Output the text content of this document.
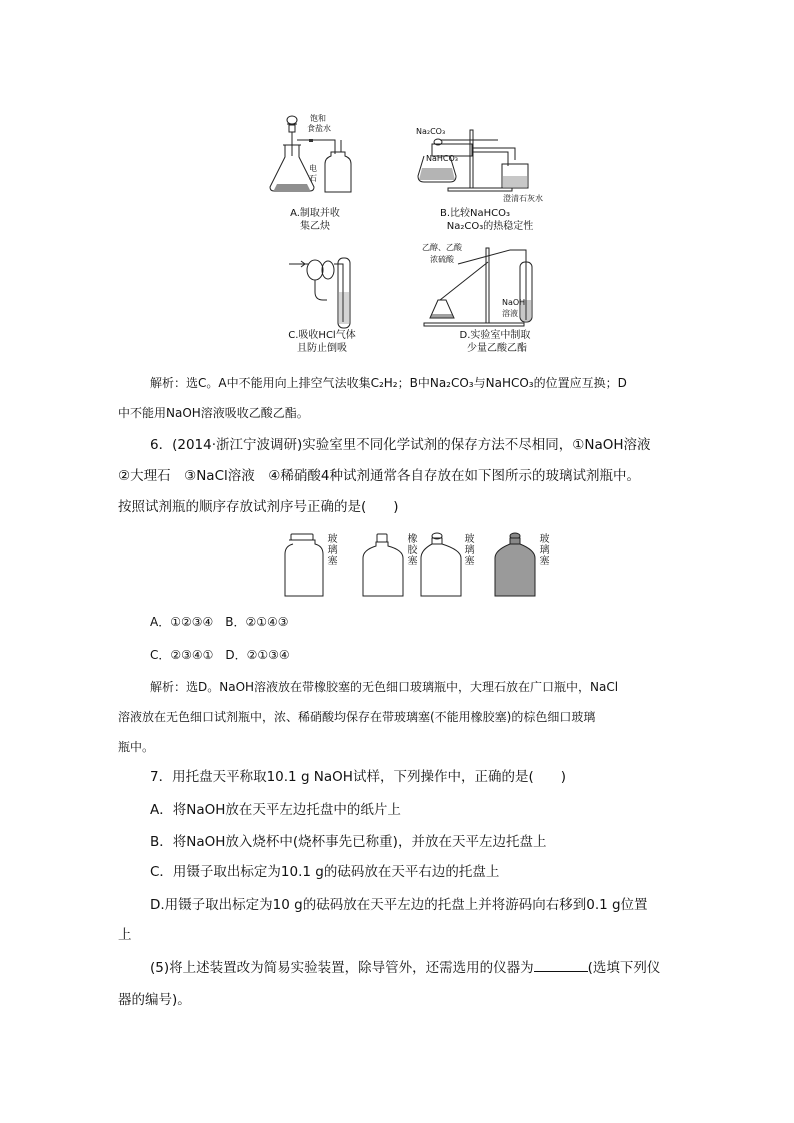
饱和
食盐水
电
石
A.制取并收
集乙炔
Na₂CO₃
NaHCO₃
澄清石灰水
B.比较NaHCO₃
Na₂CO₃的热稳定性
C.吸收HCl气体
且防止倒吸
乙醇、乙酸
浓硫酸
NaOH
溶液
D.实验室中制取
少量乙酸乙酯
解析：选C。A中不能用向上排空气法收集C₂H₂；B中Na₂CO₃与NaHCO₃的位置应互换；D
中不能用NaOH溶液吸收乙酸乙酯。
6．(2014·浙江宁波调研)实验室里不同化学试剂的保存方法不尽相同，①NaOH溶液
②大理石　③NaCl溶液　④稀硝酸4种试剂通常各自存放在如下图所示的玻璃试剂瓶中。
按照试剂瓶的顺序存放试剂序号正确的是(　　)
玻璃塞
橡胶塞
玻璃塞
玻璃塞
A．①②③④　B．②①④③
C．②③④①　D．②①③④
解析：选D。NaOH溶液放在带橡胶塞的无色细口玻璃瓶中，大理石放在广口瓶中，NaCl
溶液放在无色细口试剂瓶中，浓、稀硝酸均保存在带玻璃塞(不能用橡胶塞)的棕色细口玻璃
瓶中。
7．用托盘天平称取10.1 g NaOH试样，下列操作中，正确的是(　　)
A．将NaOH放在天平左边托盘中的纸片上
B．将NaOH放入烧杯中(烧杯事先已称重)，并放在天平左边托盘上
C．用镊子取出标定为10.1 g的砝码放在天平右边的托盘上
D.用镊子取出标定为10 g的砝码放在天平左边的托盘上并将游码向右移到0.1 g位置
上
(5)将上述装置改为简易实验装置，除导管外，还需选用的仪器为	(选填下列仪
器的编号)。
